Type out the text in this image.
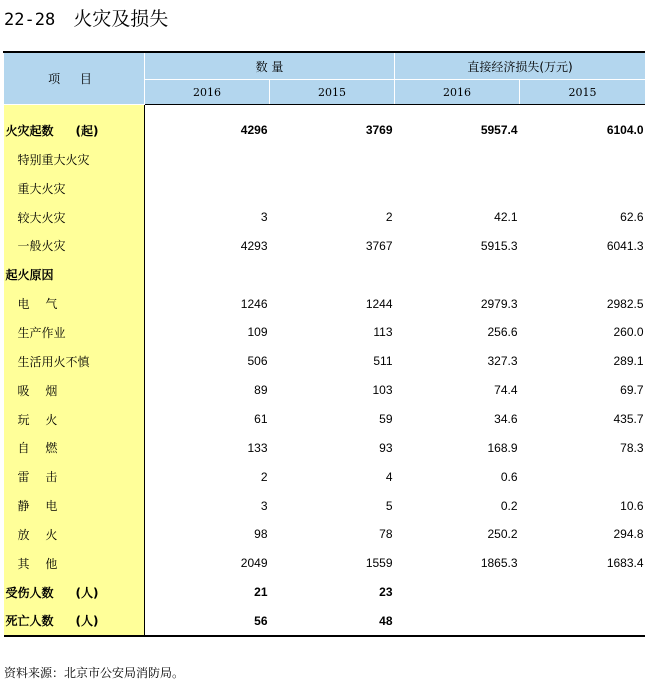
22-28 火灾及损失
项 目	数 量		直接经济损失(万元)	
	2016	2015	2016	2015
火灾起数 (起)	4296	3769	5957.4	6104.0
特别重大火灾				
重大火灾				
较大火灾	3	2	42.1	62.6
一般火灾	4293	3767	5915.3	6041.3
起火原因				
电　 气	1246	1244	2979.3	2982.5
生产作业	109	113	256.6	260.0
生活用火不慎	506	511	327.3	289.1
吸　 烟	89	103	74.4	69.7
玩　 火	61	59	34.6	435.7
自　 燃	133	93	168.9	78.3
雷　 击	2	4	0.6	
静　 电	3	5	0.2	10.6
放　 火	98	78	250.2	294.8
其　 他	2049	1559	1865.3	1683.4
受伤人数 (人)	21	23		
死亡人数 (人)	56	48		
资料来源：北京市公安局消防局。
